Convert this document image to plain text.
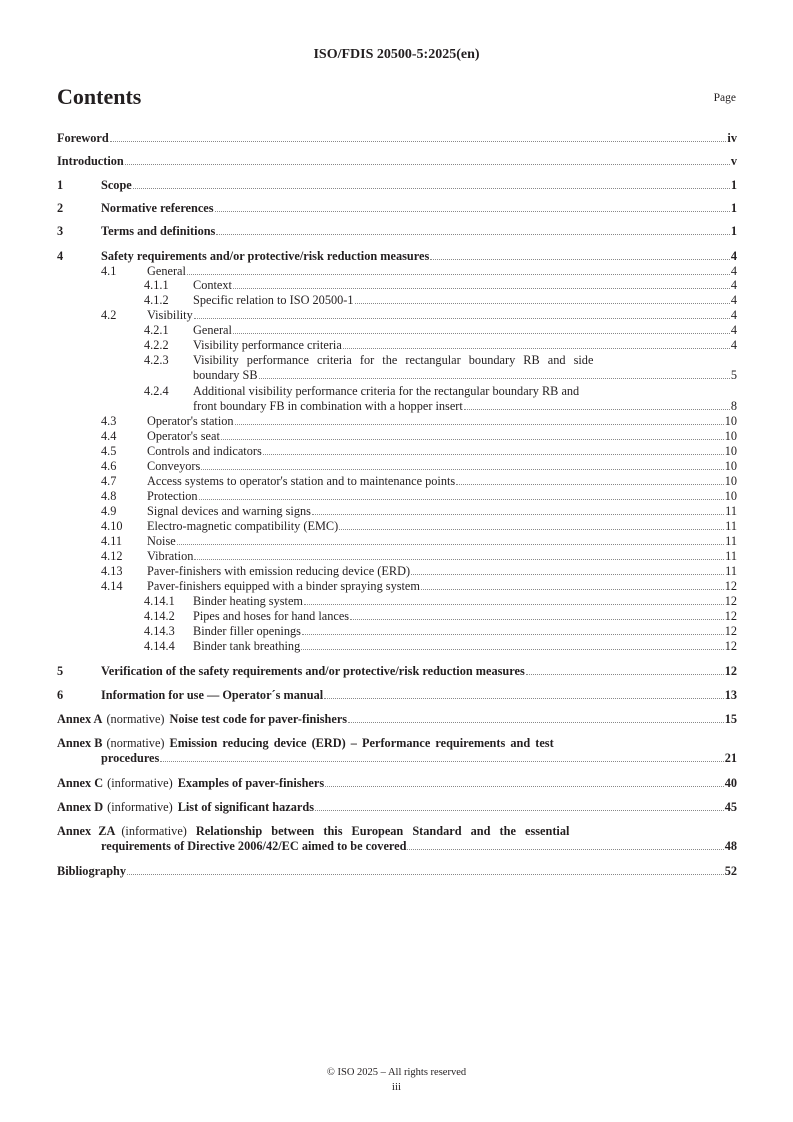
ISO/FDIS 20500-5:2025(en)
Contents	Page
Foreword	iv
Introduction	v
1	Scope	1
2	Normative references	1
3	Terms and definitions	1
4	Safety requirements and/or protective/risk reduction measures	4
4.1	General	4
4.1.1	Context	4
4.1.2	Specific relation to ISO 20500-1	4
4.2	Visibility	4
4.2.1	General	4
4.2.2	Visibility performance criteria	4
4.2.3	Visibility performance criteria for the rectangular boundary RB and side
boundary SB	5
4.2.4	Additional visibility performance criteria for the rectangular boundary RB and
front boundary FB in combination with a hopper insert	8
4.3	Operator's station	10
4.4	Operator's seat	10
4.5	Controls and indicators	10
4.6	Conveyors	10
4.7	Access systems to operator's station and to maintenance points	10
4.8	Protection	10
4.9	Signal devices and warning signs	11
4.10	Electro-magnetic compatibility (EMC)	11
4.11	Noise	11
4.12	Vibration	11
4.13	Paver-finishers with emission reducing device (ERD)	11
4.14	Paver-finishers equipped with a binder spraying system	12
4.14.1	Binder heating system	12
4.14.2	Pipes and hoses for hand lances	12
4.14.3	Binder filler openings	12
4.14.4	Binder tank breathing	12
5	Verification of the safety requirements and/or protective/risk reduction measures	12
6	Information for use — Operator´s manual	13
Annex A (normative) Noise test code for paver-finishers	15
Annex B (normative) Emission reducing device (ERD) – Performance requirements and test
procedures	21
Annex C (informative) Examples of paver-finishers	40
Annex D (informative) List of significant hazards	45
Annex ZA (informative) Relationship between this European Standard and the essential
requirements of Directive 2006/42/EC aimed to be covered	48
Bibliography	52
© ISO 2025 – All rights reserved
iii
